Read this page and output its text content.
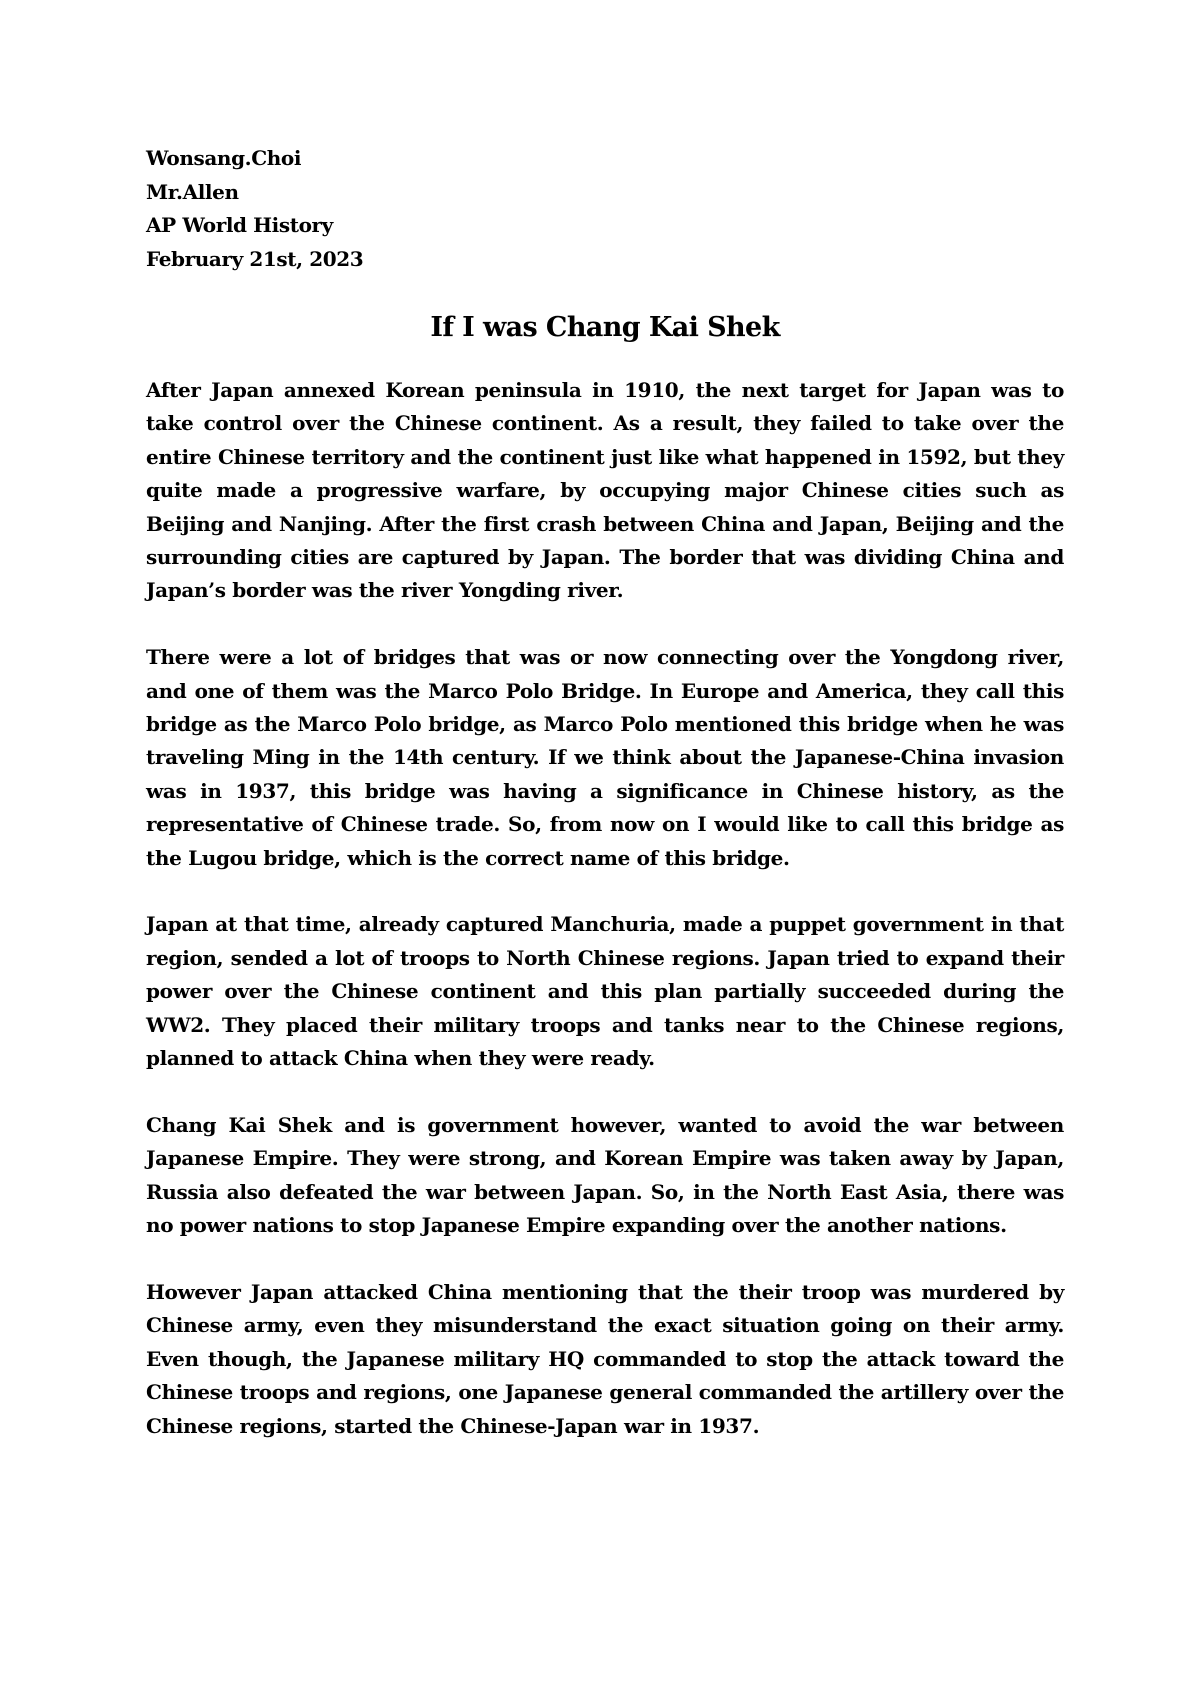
Wonsang.Choi
Mr.Allen
AP World History
February 21st, 2023
If I was Chang Kai Shek

After Japan annexed Korean peninsula in 1910, the next target for Japan was to take control over the Chinese continent. As a result, they failed to take over the entire Chinese territory and the continent just like what happened in 1592, but they quite made a progressive warfare, by occupying major Chinese cities such as Beijing and Nanjing. After the first crash between China and Japan, Beijing and the surrounding cities are captured by Japan. The border that was dividing China and Japan’s border was the river Yongding river.

There were a lot of bridges that was or now connecting over the Yongdong river, and one of them was the Marco Polo Bridge. In Europe and America, they call this bridge as the Marco Polo bridge, as Marco Polo mentioned this bridge when he was traveling Ming in the 14th century. If we think about the Japanese-China invasion was in 1937, this bridge was having a significance in Chinese history, as the representative of Chinese trade. So, from now on I would like to call this bridge as the Lugou bridge, which is the correct name of this bridge.

Japan at that time, already captured Manchuria, made a puppet government in that region, sended a lot of troops to North Chinese regions. Japan tried to expand their power over the Chinese continent and this plan partially succeeded during the WW2. They placed their military troops and tanks near to the Chinese regions, planned to attack China when they were ready.

Chang Kai Shek and is government however, wanted to avoid the war between Japanese Empire. They were strong, and Korean Empire was taken away by Japan, Russia also defeated the war between Japan. So, in the North East Asia, there was no power nations to stop Japanese Empire expanding over the another nations.

However Japan attacked China mentioning that the their troop was murdered by Chinese army, even they misunderstand the exact situation going on their army. Even though, the Japanese military HQ commanded to stop the attack toward the Chinese troops and regions, one Japanese general commanded the artillery over the Chinese regions, started the Chinese-Japan war in 1937.
